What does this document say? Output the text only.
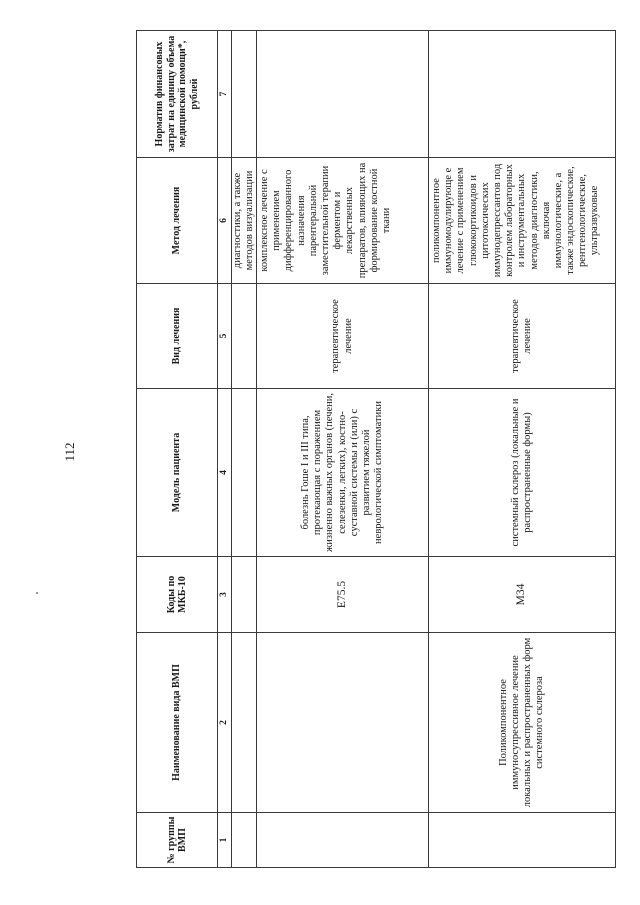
112
№ группы ВМП	Наименование вида ВМП	Коды по МКБ-10	Модель пациента	Вид лечения	Метод лечения	Норматив финансовых затрат на единицу объема медицинской помощи*, рублей
1	2	3	4	5	6	7
					диагностики, а также методов визуализации	
		E75.5	болезнь Гоше I и III типа, протекающая с поражением жизненно важных органов (печени, селезенки, легких), костно-суставной системы и (или) с развитием тяжелой неврологической симптоматики	терапевтическое лечение	комплексное лечение с применением дифференцированного назначения парентеральной заместительной терапии ферментом и лекарственных препаратов, влияющих на формирование костной ткани	
	Поликомпонентное иммуносупрессивное лечение локальных и распространенных форм системного склероза	M34	системный склероз (локальные и распространенные формы)	терапевтическое лечение	поликомпонентное иммуномодулирующе е лечение с применением глюкокортикоидов и цитотоксических иммунодепрессантов под контролем лабораторных и инструментальных методов диагностики, включая иммунологические, а также эндоскопические, рентгенологические, ультразвуковые	
